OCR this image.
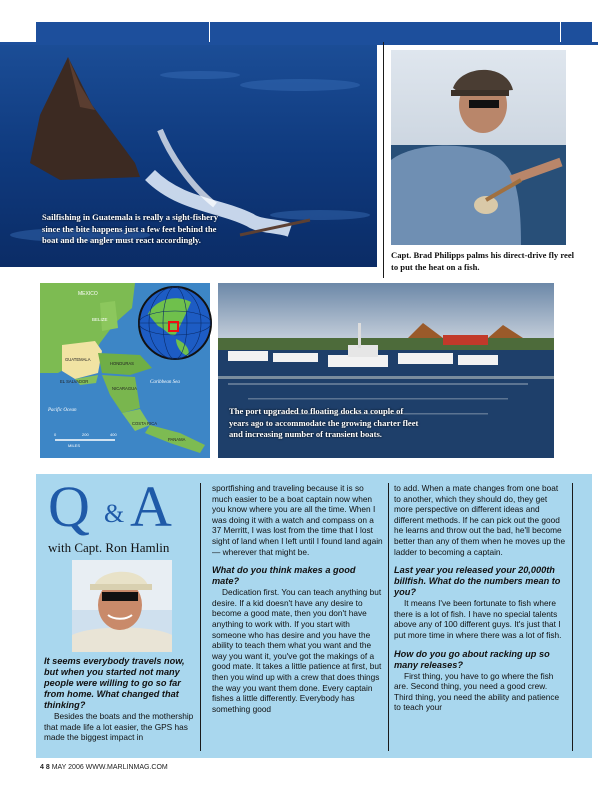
Sailfishing in Guatemala is really a sight-fishery since the bite happens just a few feet behind the boat and the angler must react accordingly.
Capt. Brad Philipps palms his direct-drive fly reel to put the heat on a fish.
0	200	400
MILES
MEXICO
BELIZE
GUATEMALA
HONDURAS
EL SALVADOR
NICARAGUA
COSTA RICA
PANAMA
Pacific Ocean
Caribbean Sea
The port upgraded to floating docks a couple of years ago to accommodate the growing charter fleet and increasing number of transient boats.
Q & A
with Capt. Ron Hamlin

It seems everybody travels now, but when you started not many people were willing to go so far from home. What changed that thinking?

Besides the boats and the mothership that made life a lot easier, the GPS has made the biggest impact in

sportfishing and traveling because it is so much easier to be a boat captain now when you know where you are all the time. When I was doing it with a watch and compass on a 37 Merritt, I was lost from the time that I lost sight of land when I left until I found land again — wherever that might be.

What do you think makes a good mate?

Dedication first. You can teach anything but desire. If a kid doesn't have any desire to become a good mate, then you don't have anything to work with. If you start with someone who has desire and you have the ability to teach them what you want and the way you want it, you've got the makings of a good mate. It takes a little patience at first, but then you wind up with a crew that does things the way you want them done. Every captain fishes a little differently. Everybody has something good

to add. When a mate changes from one boat to another, which they should do, they get more perspective on different ideas and different methods. If he can pick out the good he learns and throw out the bad, he'll become better than any of them when he moves up the ladder to becoming a captain.

Last year you released your 20,000th billfish. What do the numbers mean to you?

It means I've been fortunate to fish where there is a lot of fish. I have no special talents above any of 100 different guys. It's just that I put more time in where there was a lot of fish.

How do you go about racking up so many releases?

First thing, you have to go where the fish are. Second thing, you need a good crew. Third thing, you need the ability and patience to teach your

4 8 MAY 2006 WWW.MARLINMAG.COM
